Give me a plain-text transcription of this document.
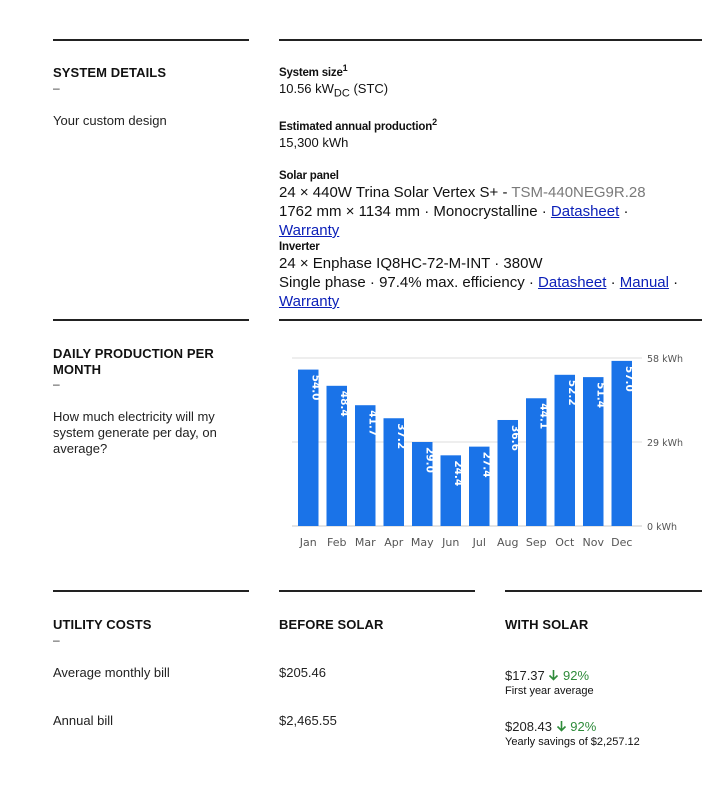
SYSTEM DETAILS
–
Your custom design
System size$^1$
10.56 $kW_{DC}$ (STC)
Estimated annual production$^2$
15,300 kWh
Solar panel
24 × 440W Trina Solar Vertex S+ - TSM-440NEG9R.28
1762 mm × 1134 mm · Monocrystalline · Datasheet ·
Warranty
Inverter
24 × Enphase IQ8HC-72-M-INT · 380W
Single phase · 97.4% max. efficiency · Datasheet · Manual ·
Warranty
DAILY PRODUCTION PER MONTH
–
How much electricity will my system generate per day, on average?
54.0
48.4
41.7
37.2
29.0
24.4 27.4
36.6
44.1
52.2 51.4
57.0
0 kWh
29 kWh
58 kWh
Jan Feb Mar Apr May Jun Jul Aug Sep Oct Nov Dec
UTILITY COSTS
–
BEFORE SOLAR	WITH SOLAR
Average monthly bill
Annual bill
$205.46
$2,465.55
$17.37 92%
First year average
$208.43 92%
Yearly savings of $2,257.12
